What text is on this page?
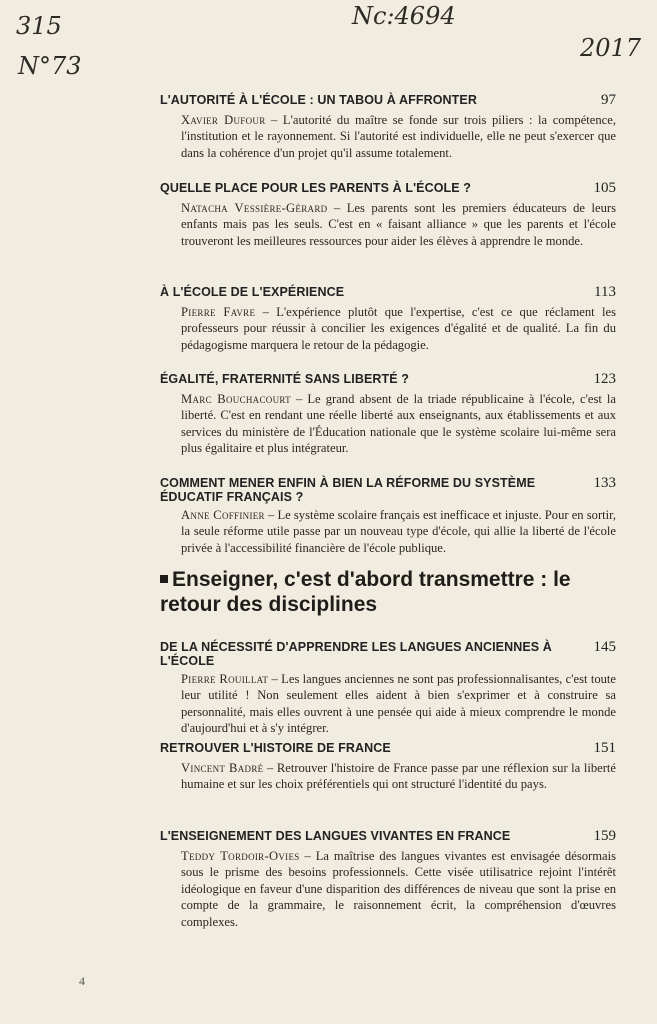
315
N°73
Nc:4694
2017
L'AUTORITÉ À L'ÉCOLE : UN TABOU À AFFRONTER	97
Xavier Dufour – L'autorité du maître se fonde sur trois piliers : la compétence, l'institution et le rayonnement. Si l'autorité est individuelle, elle ne peut s'exercer que dans la cohérence d'un projet qu'il assume totalement.
QUELLE PLACE POUR LES PARENTS À L'ÉCOLE ?	105
Natacha Vessière-Gérard – Les parents sont les premiers éducateurs de leurs enfants mais pas les seuls. C'est en « faisant alliance » que les parents et l'école trouveront les meilleures ressources pour aider les élèves à apprendre le monde.
À L'ÉCOLE DE L'EXPÉRIENCE	113
Pierre Favre – L'expérience plutôt que l'expertise, c'est ce que réclament les professeurs pour réussir à concilier les exigences d'égalité et de qualité. La fin du pédagogisme marquera le retour de la pédagogie.
ÉGALITÉ, FRATERNITÉ SANS LIBERTÉ ?	123
Marc Bouchacourt – Le grand absent de la triade républicaine à l'école, c'est la liberté. C'est en rendant une réelle liberté aux enseignants, aux établissements et aux services du ministère de l'Éducation nationale que le système scolaire lui-même sera plus égalitaire et plus intégrateur.
COMMENT MENER ENFIN À BIEN LA RÉFORME DU SYSTÈME ÉDUCATIF FRANÇAIS ?
133
Anne Coffinier – Le système scolaire français est inefficace et injuste. Pour en sortir, la seule réforme utile passe par un nouveau type d'école, qui allie la liberté de l'école privée à l'accessibilité financière de l'école publique.
Enseigner, c'est d'abord transmettre : le retour des disciplines
DE LA NÉCESSITÉ D'APPRENDRE LES LANGUES ANCIENNES À L'ÉCOLE
145
Pierre Rouillat – Les langues anciennes ne sont pas professionnalisantes, c'est toute leur utilité ! Non seulement elles aident à bien s'exprimer et à construire sa personnalité, mais elles ouvrent à une pensée qui aide à mieux comprendre le monde d'aujourd'hui et à s'y intégrer.
RETROUVER L'HISTOIRE DE FRANCE	151
Vincent Badré – Retrouver l'histoire de France passe par une réflexion sur la liberté humaine et sur les choix préférentiels qui ont structuré l'identité du pays.
L'ENSEIGNEMENT DES LANGUES VIVANTES EN FRANCE	159
Teddy Tordoir-Ovies – La maîtrise des langues vivantes est envisagée désormais sous le prisme des besoins professionnels. Cette visée utilisatrice rejoint l'intérêt idéologique en faveur d'une disparition des différences de niveau que sont la prise en compte de la grammaire, le raisonnement écrit, la compréhension d'œuvres complexes.
4
